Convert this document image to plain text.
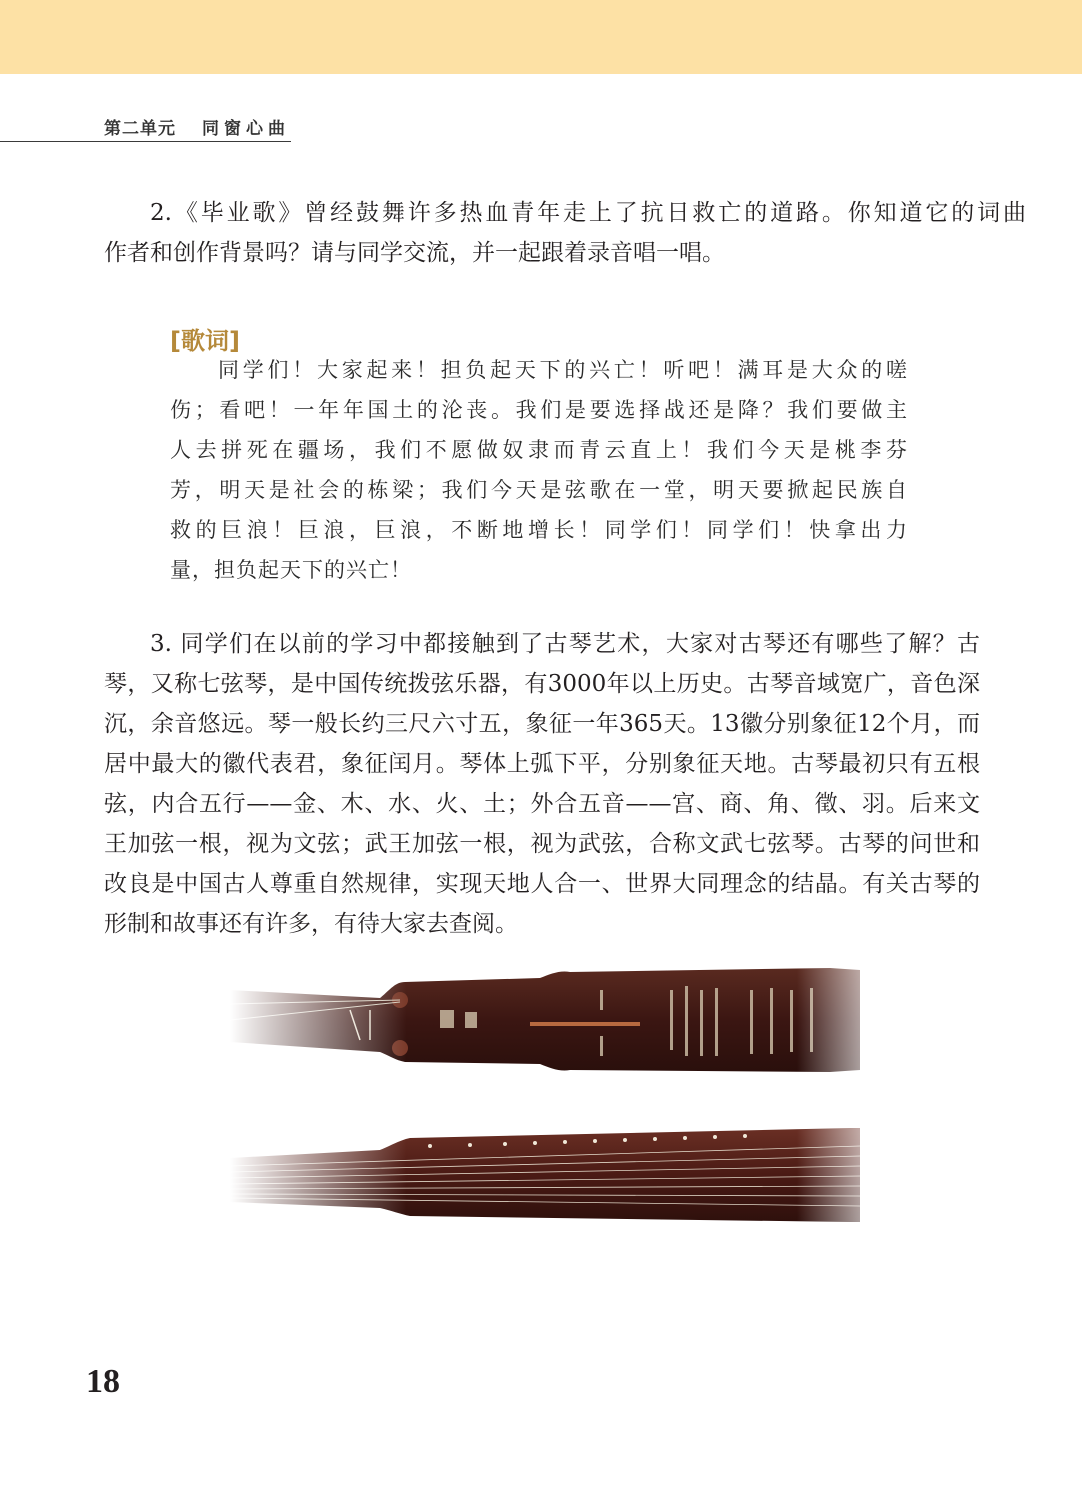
第二单元 同窗心曲
2.《毕业歌》曾经鼓舞许多热血青年走上了抗日救亡的道路。你知道它的词曲
作者和创作背景吗？请与同学交流，并一起跟着录音唱一唱。
[歌词]
同学们！大家起来！担负起天下的兴亡！听吧！满耳是大众的嗟
伤；看吧！一年年国土的沦丧。我们是要选择战还是降？我们要做主
人去拼死在疆场，我们不愿做奴隶而青云直上！我们今天是桃李芬
芳，明天是社会的栋梁；我们今天是弦歌在一堂，明天要掀起民族自
救的巨浪！巨浪，巨浪，不断地增长！同学们！同学们！快拿出力
量，担负起天下的兴亡！
3. 同学们在以前的学习中都接触到了古琴艺术，大家对古琴还有哪些了解？古
琴，又称七弦琴，是中国传统拨弦乐器，有3000年以上历史。古琴音域宽广，音色深
沉，余音悠远。琴一般长约三尺六寸五，象征一年365天。13徽分别象征12个月，而
居中最大的徽代表君，象征闰月。琴体上弧下平，分别象征天地。古琴最初只有五根
弦，内合五行——金、木、水、火、土；外合五音——宫、商、角、徵、羽。后来文
王加弦一根，视为文弦；武王加弦一根，视为武弦，合称文武七弦琴。古琴的问世和
改良是中国古人尊重自然规律，实现天地人合一、世界大同理念的结晶。有关古琴的
形制和故事还有许多，有待大家去查阅。
18
